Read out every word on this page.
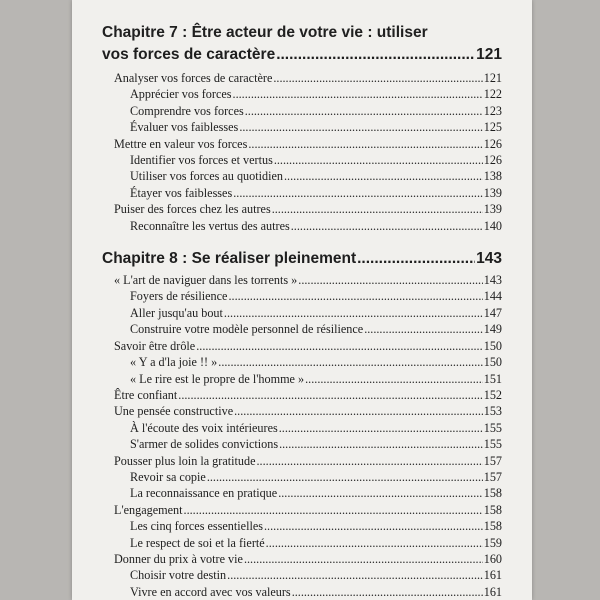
Chapitre 7 : Être acteur de votre vie : utiliser
vos forces de caractère .....	121
Analyser vos forces de caractère .....	121
Apprécier vos forces .....	122
Comprendre vos forces .....	123
Évaluer vos faiblesses .....	125
Mettre en valeur vos forces .....	126
Identifier vos forces et vertus .....	126
Utiliser vos forces au quotidien .....	138
Étayer vos faiblesses .....	139
Puiser des forces chez les autres .....	139
Reconnaître les vertus des autres .....	140
Chapitre 8 : Se réaliser pleinement .....	143
« L'art de naviguer dans les torrents » .....	143
Foyers de résilience .....	144
Aller jusqu'au bout .....	147
Construire votre modèle personnel de résilience .....	149
Savoir être drôle .....	150
« Y a d'la joie !! » .....	150
« Le rire est le propre de l'homme » .....	151
Être confiant .....	152
Une pensée constructive .....	153
À l'écoute des voix intérieures .....	155
S'armer de solides convictions .....	155
Pousser plus loin la gratitude .....	157
Revoir sa copie .....	157
La reconnaissance en pratique .....	158
L'engagement .....	158
Les cinq forces essentielles .....	158
Le respect de soi et la fierté .....	159
Donner du prix à votre vie .....	160
Choisir votre destin .....	161
Vivre en accord avec vos valeurs .....	161
